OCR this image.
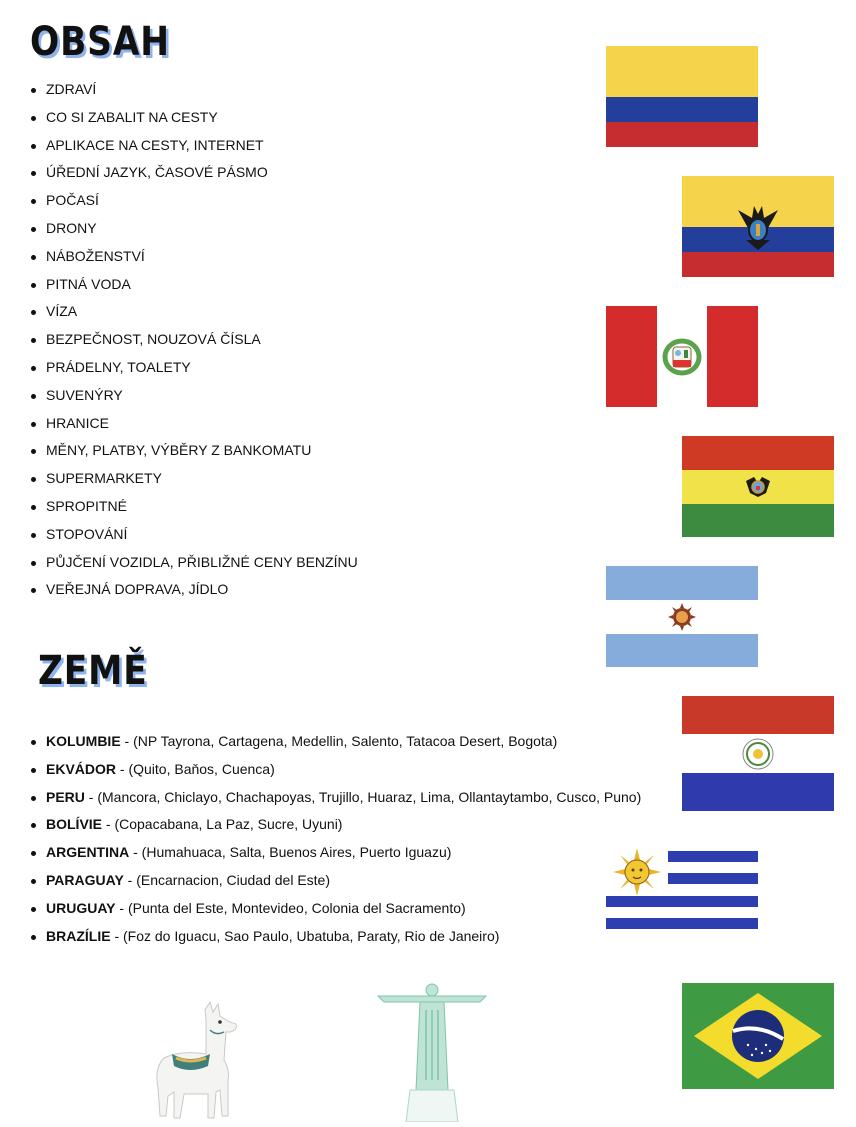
OBSAH
ZEMĚ
ZDRAVÍ
CO SI ZABALIT NA CESTY
APLIKACE NA CESTY, INTERNET
ÚŘEDNÍ JAZYK, ČASOVÉ PÁSMO
POČASÍ
DRONY
NÁBOŽENSTVÍ
PITNÁ VODA
VÍZA
BEZPEČNOST, NOUZOVÁ ČÍSLA
PRÁDELNY, TOALETY
SUVENÝRY
HRANICE
MĚNY, PLATBY, VÝBĚRY Z BANKOMATU
SUPERMARKETY
SPROPITNÉ
STOPOVÁNÍ
PŮJČENÍ VOZIDLA, PŘIBLIŽNÉ CENY BENZÍNU
VEŘEJNÁ DOPRAVA, JÍDLO
KOLUMBIE - (NP Tayrona, Cartagena, Medellin, Salento, Tatacoa Desert, Bogota)
EKVÁDOR - (Quito, Baňos, Cuenca)
PERU - (Mancora, Chiclayo, Chachapoyas, Trujillo, Huaraz, Lima, Ollantaytambo, Cusco, Puno)
BOLÍVIE - (Copacabana, La Paz, Sucre, Uyuni)
ARGENTINA - (Humahuaca, Salta, Buenos Aires, Puerto Iguazu)
PARAGUAY - (Encarnacion, Ciudad del Este)
URUGUAY - (Punta del Este, Montevideo, Colonia del Sacramento)
BRAZÍLIE - (Foz do Iguacu, Sao Paulo, Ubatuba, Paraty, Rio de Janeiro)
